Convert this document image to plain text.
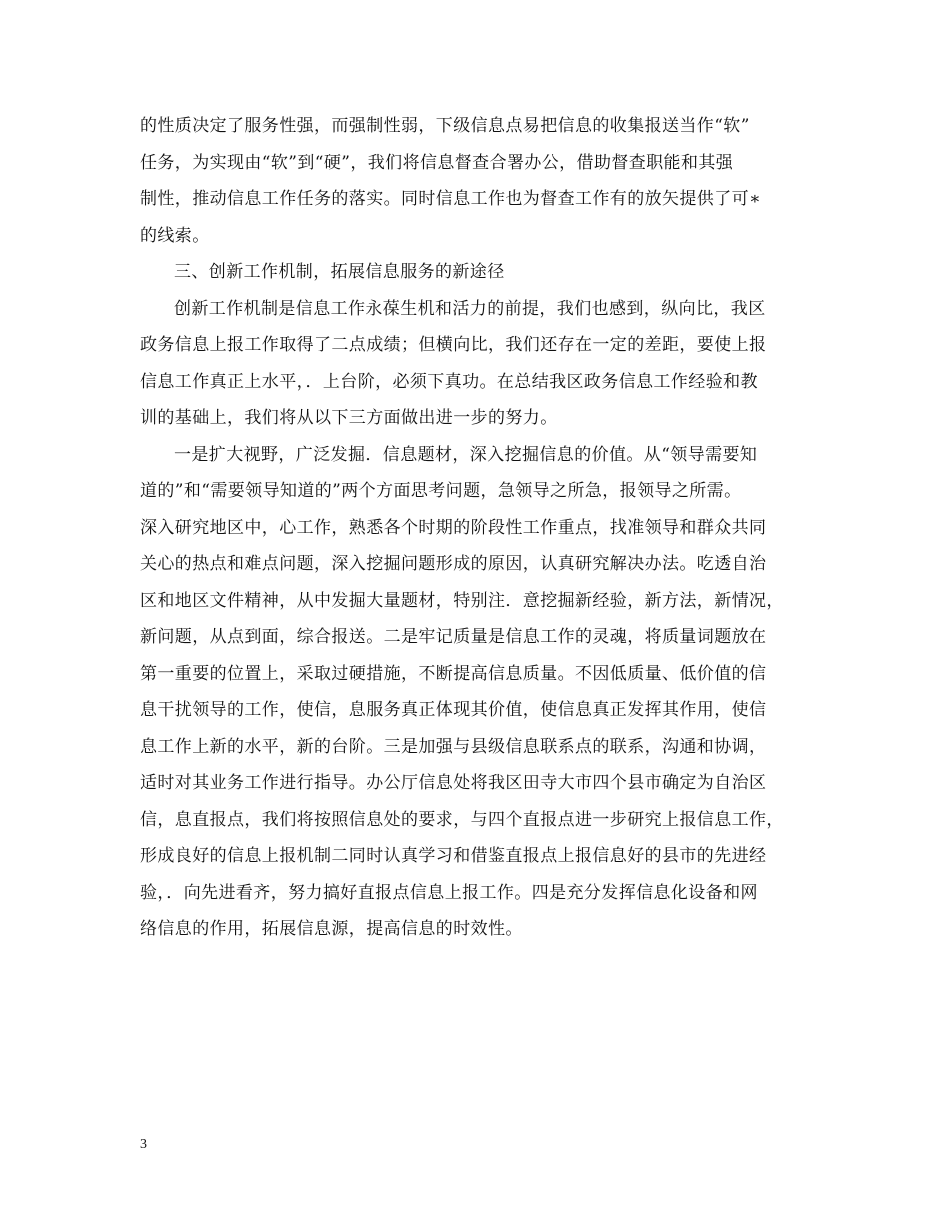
的性质决定了服务性强，而强制性弱，下级信息点易把信息的收集报送当作“软”
任务，为实现由“软”到“硬”，我们将信息督查合署办公，借助督查职能和其强
制性，推动信息工作任务的落实。同时信息工作也为督查工作有的放矢提供了可∗
的线索。
三、创新工作机制，拓展信息服务的新途径
创新工作机制是信息工作永葆生机和活力的前提，我们也感到，纵向比，我区
政务信息上报工作取得了二点成绩；但横向比，我们还存在一定的差距，要使上报
信息工作真正上水平，．上台阶，必须下真功。在总结我区政务信息工作经验和教
训的基础上，我们将从以下三方面做出进一步的努力。
一是扩大视野，广泛发掘．信息题材，深入挖掘信息的价值。从“领导需要知
道的”和“需要领导知道的”两个方面思考问题，急领导之所急，报领导之所需。
深入研究地区中，心工作，熟悉各个时期的阶段性工作重点，找准领导和群众共同
关心的热点和难点问题，深入挖掘问题形成的原因，认真研究解决办法。吃透自治
区和地区文件精神，从中发掘大量题材，特别注．意挖掘新经验，新方法，新情况，
新问题，从点到面，综合报送。二是牢记质量是信息工作的灵魂，将质量词题放在
第一重要的位置上，采取过硬措施，不断提高信息质量。不因低质量、低价值的信
息干扰领导的工作，使信，息服务真正体现其价值，使信息真正发挥其作用，使信
息工作上新的水平，新的台阶。三是加强与县级信息联系点的联系，沟通和协调，
适时对其业务工作进行指导。办公厅信息处将我区田寺大市四个县市确定为自治区
信，息直报点，我们将按照信息处的要求，与四个直报点进一步研究上报信息工作，
形成良好的信息上报机制二同时认真学习和借鉴直报点上报信息好的县市的先进经
验，．向先进看齐，努力搞好直报点信息上报工作。四是充分发挥信息化设备和网
络信息的作用，拓展信息源，提高信息的时效性。
3
